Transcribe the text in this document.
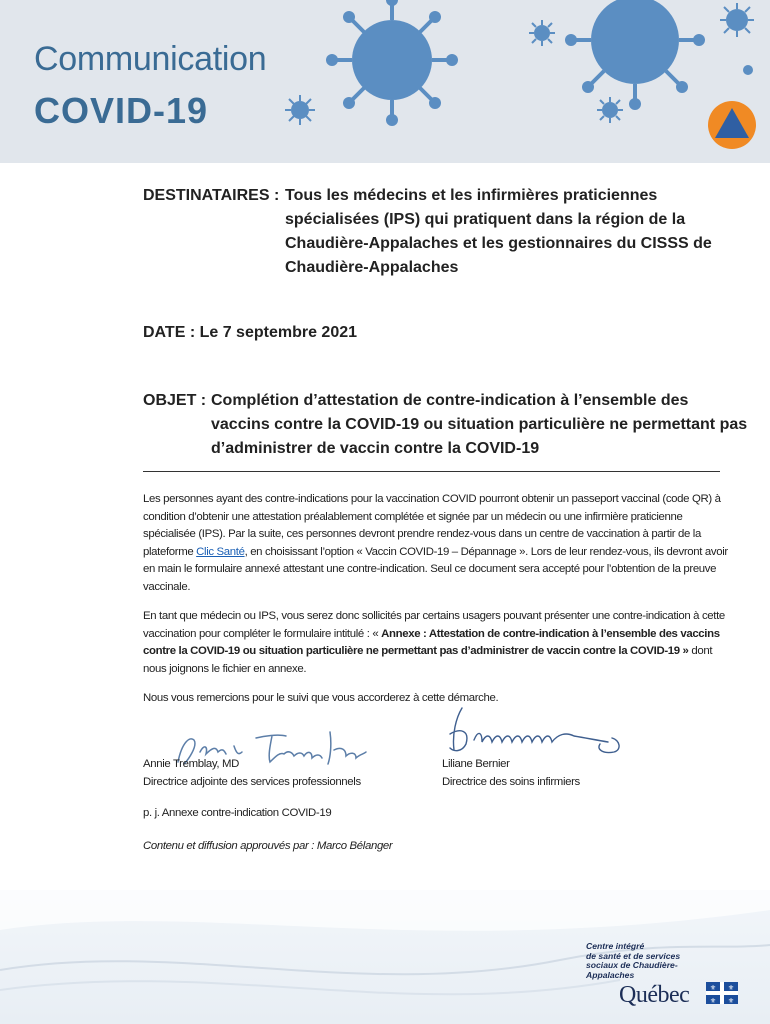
Communication
COVID-19
DESTINATAIRES : Tous les médecins et les infirmières praticiennes spécialisées (IPS) qui pratiquent dans la région de la Chaudière-Appalaches et les gestionnaires du CISSS de Chaudière-Appalaches
DATE : Le 7 septembre 2021
OBJET : Complétion d’attestation de contre-indication à l’ensemble des vaccins contre la COVID-19 ou situation particulière ne permettant pas d’administrer de vaccin contre la COVID-19
Les personnes ayant des contre-indications pour la vaccination COVID pourront obtenir un passeport vaccinal (code QR) à condition d’obtenir une attestation préalablement complétée et signée par un médecin ou une infirmière praticienne spécialisée (IPS). Par la suite, ces personnes devront prendre rendez-vous dans un centre de vaccination à partir de la plateforme Clic Santé, en choisissant l’option « Vaccin COVID-19 – Dépannage ». Lors de leur rendez-vous, ils devront avoir en main le formulaire annexé attestant une contre-indication. Seul ce document sera accepté pour l’obtention de la preuve vaccinale.
En tant que médecin ou IPS, vous serez donc sollicités par certains usagers pouvant présenter une contre-indication à cette vaccination pour compléter le formulaire intitulé : « Annexe : Attestation de contre-indication à l’ensemble des vaccins contre la COVID-19 ou situation particulière ne permettant pas d’administrer de vaccin contre la COVID-19 » dont nous joignons le fichier en annexe.
Nous vous remercions pour le suivi que vous accorderez à cette démarche.
Annie Tremblay, MD
Directrice adjointe des services professionnels
Liliane Bernier
Directrice des soins infirmiers
p. j. Annexe contre-indication COVID-19
Contenu et diffusion approuvés par : Marco Bélanger
Centre intégré
de santé et de services
sociaux de Chaudière-
Appalaches
Québec	⚜ ⚜
⚜ ⚜
